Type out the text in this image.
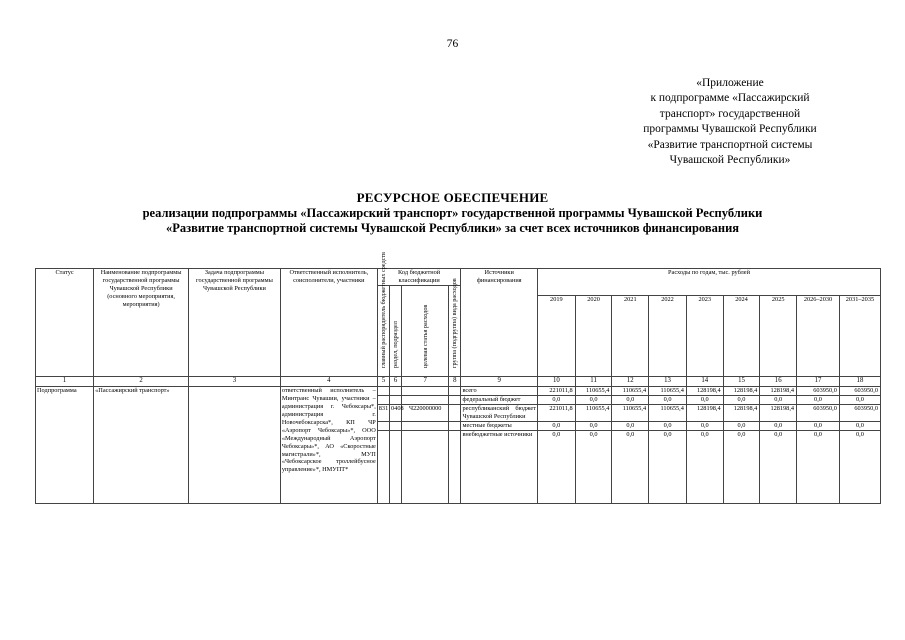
76
«Приложение
к подпрограмме «Пассажирский
транспорт» государственной
программы Чувашской Республики
«Развитие транспортной системы
Чувашской Республики»
РЕСУРСНОЕ ОБЕСПЕЧЕНИЕ
реализации подпрограммы «Пассажирский транспорт» государственной программы Чувашской Республики
«Развитие транспортной системы Чувашской Республики» за счет всех источников финансирования
Статус	Наименование подпрограммы государственной программы Чувашской Республики (основного мероприятия, мероприятия)	Задача подпрограммы государственной программы Чувашской Республики	Ответственный исполнитель, соисполнители, участники	Код бюджетной классификации				Источники финансирования	Расходы по годам, тыс. рублей								

				главный распорядитель бюджетных средств	раздел, подраздел	целевая статья расходов	группа (подгруппа) вида расходов										

									2019	2020	2021	2022	2023	2024	2025	2026–2030	2031–2035
1	2	3	4	5	6	7	8	9	10	11	12	13	14	15	16	17	18
Подпрограмма	«Пассажирский транспорт»		ответственный исполнитель – Минтранс Чувашии, участники – администрация г. Чебоксары*, администрация г. Новочебоксарска*, КП ЧР «Аэропорт Чебоксары»*, ООО «Международный Аэропорт Чебоксары»*, АО «Скоростные магистрали»*, МУП «Чебоксарское троллейбусное управление»*, НМУПТ*					всего	221011,8	110655,4	110655,4	110655,4	128198,4	128198,4	128198,4	603950,0	603950,0
								федеральный бюджет	0,0	0,0	0,0	0,0	0,0	0,0	0,0	0,0	0,0
				831	0408	Ч220000000		республиканский бюджет Чувашской Республики	221011,8	110655,4	110655,4	110655,4	128198,4	128198,4	128198,4	603950,0	603950,0
								местные бюджеты	0,0	0,0	0,0	0,0	0,0	0,0	0,0	0,0	0,0
								внебюджетные источники	0,0	0,0	0,0	0,0	0,0	0,0	0,0	0,0	0,0
